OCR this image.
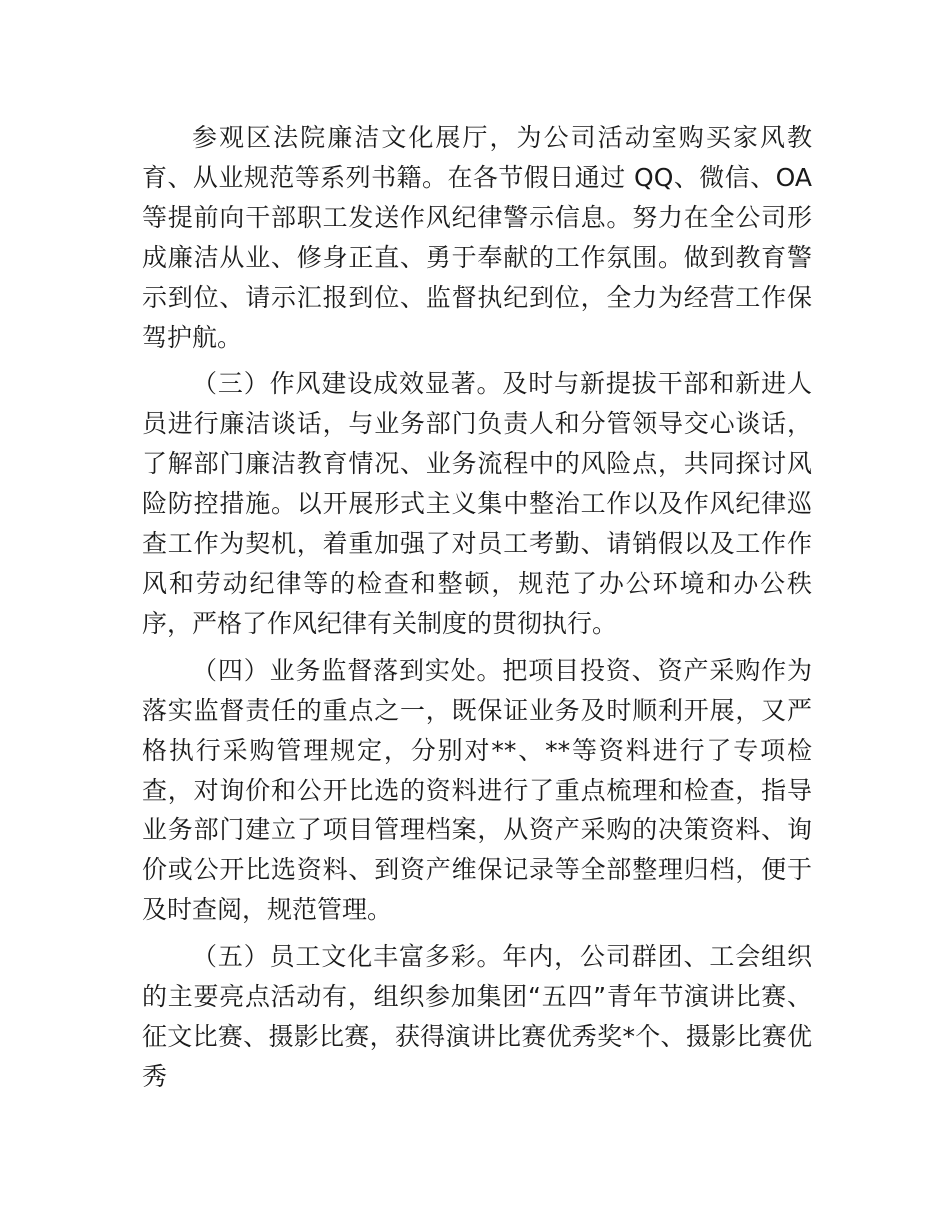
参观区法院廉洁文化展厅，为公司活动室购买家风教育、从业规范等系列书籍。在各节假日通过 QQ、微信、OA 等提前向干部职工发送作风纪律警示信息。努力在全公司形成廉洁从业、修身正直、勇于奉献的工作氛围。做到教育警示到位、请示汇报到位、监督执纪到位，全力为经营工作保驾护航。

（三）作风建设成效显著。及时与新提拔干部和新进人员进行廉洁谈话，与业务部门负责人和分管领导交心谈话，了解部门廉洁教育情况、业务流程中的风险点，共同探讨风险防控措施。以开展形式主义集中整治工作以及作风纪律巡查工作为契机，着重加强了对员工考勤、请销假以及工作作风和劳动纪律等的检查和整顿，规范了办公环境和办公秩序，严格了作风纪律有关制度的贯彻执行。

（四）业务监督落到实处。把项目投资、资产采购作为落实监督责任的重点之一，既保证业务及时顺利开展，又严格执行采购管理规定，分别对**、**等资料进行了专项检查，对询价和公开比选的资料进行了重点梳理和检查，指导业务部门建立了项目管理档案，从资产采购的决策资料、询价或公开比选资料、到资产维保记录等全部整理归档，便于及时查阅，规范管理。

（五）员工文化丰富多彩。年内，公司群团、工会组织的主要亮点活动有，组织参加集团“五四”青年节演讲比赛、征文比赛、摄影比赛，获得演讲比赛优秀奖*个、摄影比赛优秀
